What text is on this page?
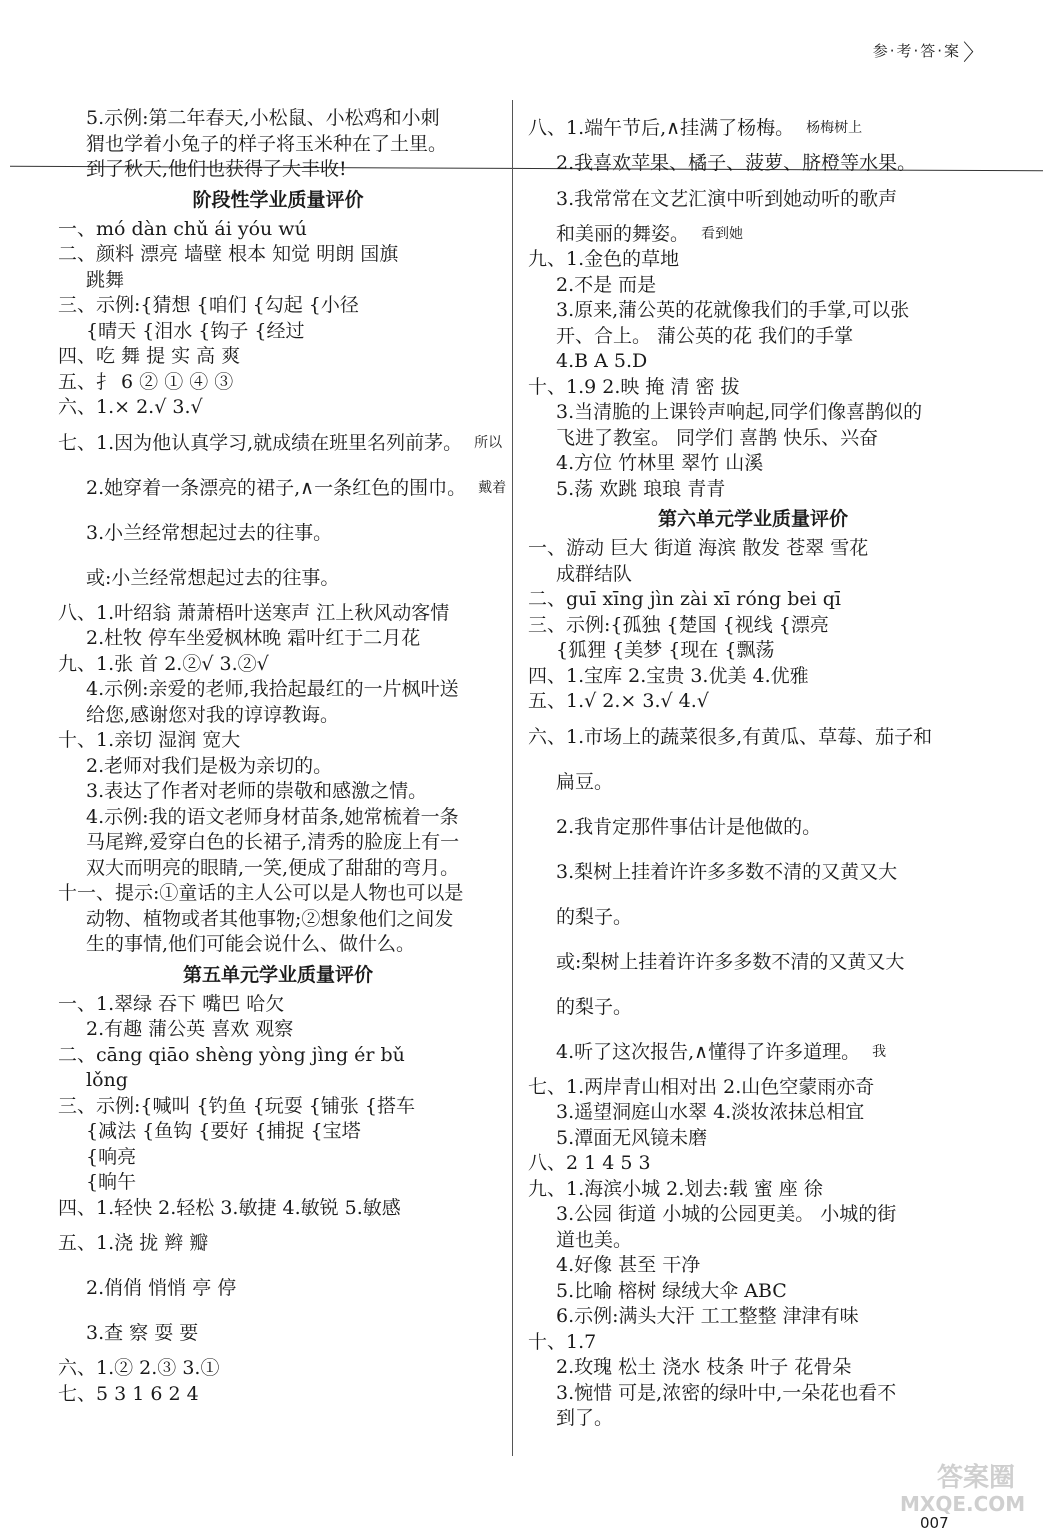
参·考·答·案 〉
5.示例:第二年春天,小松鼠、小松鸡和小刺
猬也学着小兔子的样子将玉米种在了土里。
到了秋天,他们也获得了大丰收!
阶段性学业质量评价
一、mó dàn chǔ ái yóu wú
二、颜料 漂亮 墙壁 根本 知觉 明朗 国旗
跳舞
三、示例:{猜想 {咱们 {勾起 {小径
{晴天 {泪水 {钩子 {经过
四、吃 舞 提 实 高 爽
五、扌 6 ② ① ④ ③
六、1.× 2.√ 3.√
七、1.因为他认真学习,就成绩在班里名列前茅。 所以
2.她穿着一条漂亮的裙子,∧一条红色的围巾。 戴着
3.小兰经常想起过去的往事。
或:小兰经常想起过去的往事。
八、1.叶绍翁 萧萧梧叶送寒声 江上秋风动客情
2.杜牧 停车坐爱枫林晚 霜叶红于二月花
九、1.张 首 2.②√ 3.②√
4.示例:亲爱的老师,我拾起最红的一片枫叶送
给您,感谢您对我的谆谆教诲。
十、1.亲切 湿润 宽大
2.老师对我们是极为亲切的。
3.表达了作者对老师的崇敬和感激之情。
4.示例:我的语文老师身材苗条,她常梳着一条
马尾辫,爱穿白色的长裙子,清秀的脸庞上有一
双大而明亮的眼睛,一笑,便成了甜甜的弯月。
十一、提示:①童话的主人公可以是人物也可以是
动物、植物或者其他事物;②想象他们之间发
生的事情,他们可能会说什么、做什么。
第五单元学业质量评价
一、1.翠绿 吞下 嘴巴 哈欠
2.有趣 蒲公英 喜欢 观察
二、cāng qiāo shèng yòng jìng ér bǔ
lǒng
三、示例:{喊叫 {钓鱼 {玩耍 {铺张 {搭车
{减法 {鱼钩 {要好 {捕捉 {宝塔
{响亮
{晌午
四、1.轻快 2.轻松 3.敏捷 4.敏锐 5.敏感
五、1.浇 拢 辫 瓣
2.俏俏 悄悄 亭 停
3.查 察 耍 要
六、1.② 2.③ 3.①
七、5 3 1 6 2 4
八、1.端午节后,∧挂满了杨梅。 杨梅树上
2.我喜欢苹果、橘子、菠萝、脐橙等水果。
3.我常常在文艺汇演中听到她动听的歌声
和美丽的舞姿。 看到她
九、1.金色的草地
2.不是 而是
3.原来,蒲公英的花就像我们的手掌,可以张
开、合上。 蒲公英的花 我们的手掌
4.B A 5.D
十、1.9 2.映 掩 清 密 拔
3.当清脆的上课铃声响起,同学们像喜鹊似的
飞进了教室。 同学们 喜鹊 快乐、兴奋
4.方位 竹林里 翠竹 山溪
5.荡 欢跳 琅琅 青青
第六单元学业质量评价
一、游动 巨大 街道 海滨 散发 苍翠 雪花
成群结队
二、guī xīng jìn zài xī róng bei qī
三、示例:{孤独 {楚国 {视线 {漂亮
{狐狸 {美梦 {现在 {飘荡
四、1.宝库 2.宝贵 3.优美 4.优雅
五、1.√ 2.× 3.√ 4.√
六、1.市场上的蔬菜很多,有黄瓜、草莓、茄子和
扁豆。
2.我肯定那件事估计是他做的。
3.梨树上挂着许许多多数不清的又黄又大
的梨子。
或:梨树上挂着许许多多数不清的又黄又大
的梨子。
4.听了这次报告,∧懂得了许多道理。 我
七、1.两岸青山相对出 2.山色空蒙雨亦奇
3.遥望洞庭山水翠 4.淡妆浓抹总相宜
5.潭面无风镜未磨
八、2 1 4 5 3
九、1.海滨小城 2.划去:载 蜜 座 徐
3.公园 街道 小城的公园更美。 小城的街
道也美。
4.好像 甚至 干净
5.比喻 榕树 绿绒大伞 ABC
6.示例:满头大汗 工工整整 津津有味
十、1.7
2.玫瑰 松土 浇水 枝条 叶子 花骨朵
3.惋惜 可是,浓密的绿叶中,一朵花也看不
到了。
答案圈
MXQE.COM
007
